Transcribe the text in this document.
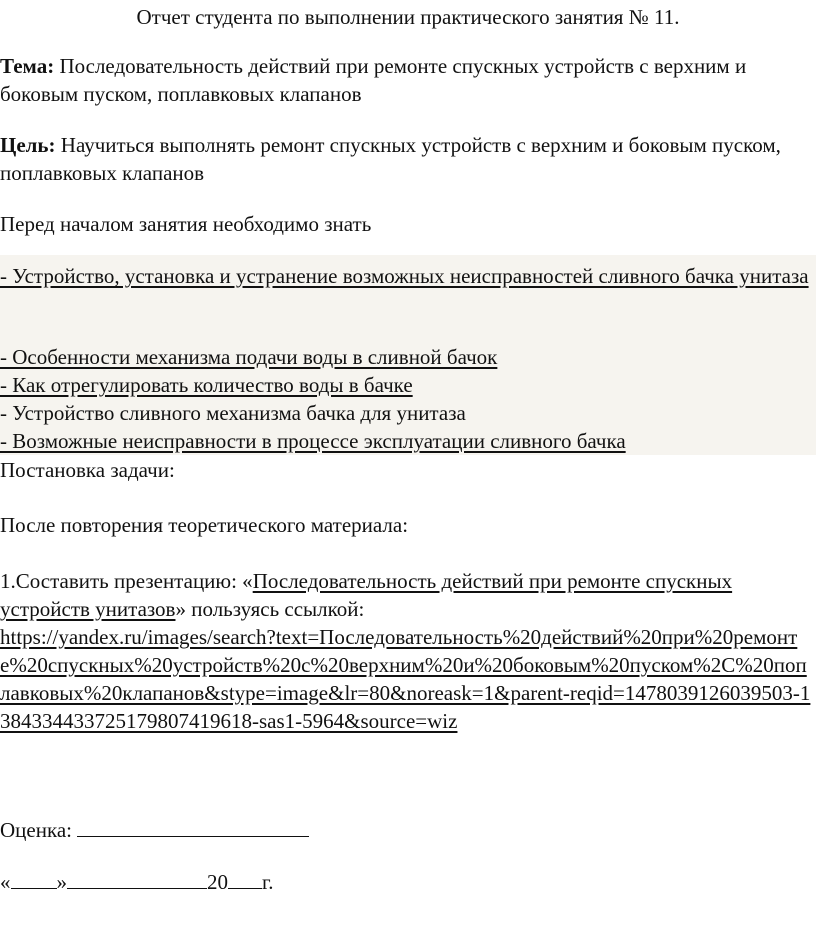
Отчет студента по выполнении практического занятия № 11.
Тема: Последовательность действий при ремонте спускных устройств с верхним и боковым пуском, поплавковых клапанов
Цель: Научиться выполнять ремонт спускных устройств с верхним и боковым пуском, поплавковых клапанов
Перед началом занятия необходимо знать
- Устройство, установка и устранение возможных неисправностей сливного бачка унитаза
- Особенности механизма подачи воды в сливной бачок
- Как отрегулировать количество воды в бачке
- Устройство сливного механизма бачка для унитаза
- Возможные неисправности в процессе эксплуатации сливного бачка
Постановка задачи:
После повторения теоретического материала:
1.Составить презентацию: «Последовательность действий при ремонте спускных устройств унитазов» пользуясь ссылкой:
https://yandex.ru/images/search?text=Последовательность%20действий%20при%20ремонте%20спускных%20устройств%20с%20верхним%20и%20боковым%20пуском%2C%20поплавковых%20клапанов&stype=image&lr=80&noreask=1&parent-reqid=1478039126039503-1384334433725179807419618-sas1-5964&source=wiz
Оценка:
« »	20 г.
